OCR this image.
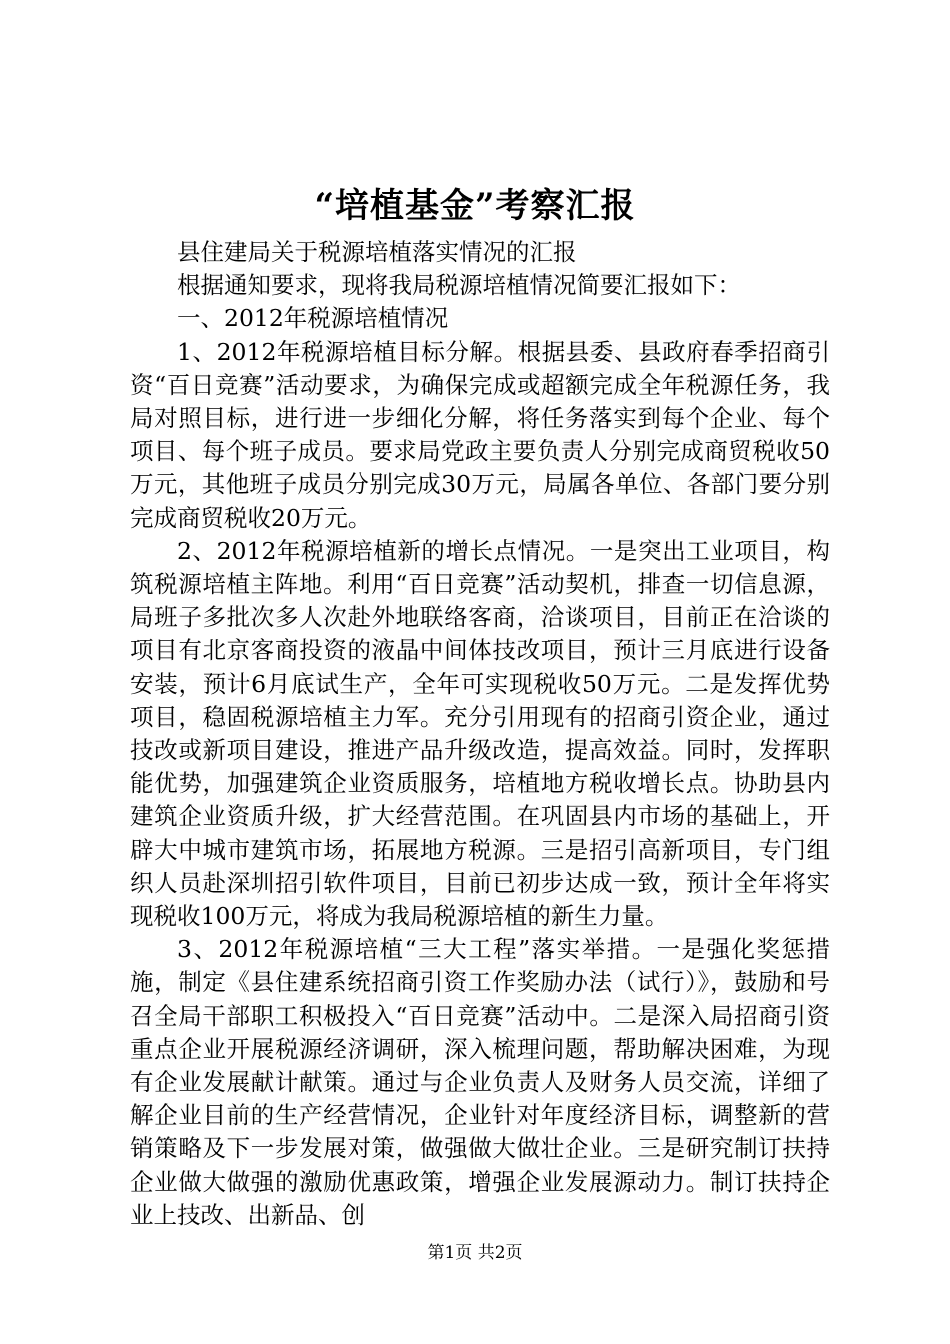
“培植基金”考察汇报

县住建局关于税源培植落实情况的汇报

根据通知要求，现将我局税源培植情况简要汇报如下：

一、2012年税源培植情况

1、2012年税源培植目标分解。根据县委、县政府春季招商引资“百日竞赛”活动要求，为确保完成或超额完成全年税源任务，我局对照目标，进行进一步细化分解，将任务落实到每个企业、每个项目、每个班子成员。要求局党政主要负责人分别完成商贸税收50万元，其他班子成员分别完成30万元，局属各单位、各部门要分别完成商贸税收20万元。

2、2012年税源培植新的增长点情况。一是突出工业项目，构筑税源培植主阵地。利用“百日竞赛”活动契机，排查一切信息源，局班子多批次多人次赴外地联络客商，洽谈项目，目前正在洽谈的项目有北京客商投资的液晶中间体技改项目，预计三月底进行设备安装，预计6月底试生产，全年可实现税收50万元。二是发挥优势项目，稳固税源培植主力军。充分引用现有的招商引资企业，通过技改或新项目建设，推进产品升级改造，提高效益。同时，发挥职能优势，加强建筑企业资质服务，培植地方税收增长点。协助县内建筑企业资质升级，扩大经营范围。在巩固县内市场的基础上，开辟大中城市建筑市场，拓展地方税源。三是招引高新项目，专门组织人员赴深圳招引软件项目，目前已初步达成一致，预计全年将实现税收100万元，将成为我局税源培植的新生力量。

3、2012年税源培植“三大工程”落实举措。一是强化奖惩措施，制定《县住建系统招商引资工作奖励办法（试行）》，鼓励和号召全局干部职工积极投入“百日竞赛”活动中。二是深入局招商引资重点企业开展税源经济调研，深入梳理问题，帮助解决困难，为现有企业发展献计献策。通过与企业负责人及财务人员交流，详细了解企业目前的生产经营情况，企业针对年度经济目标，调整新的营销策略及下一步发展对策，做强做大做壮企业。三是研究制订扶持企业做大做强的激励优惠政策，增强企业发展源动力。制订扶持企业上技改、出新品、创

第1页 共2页
